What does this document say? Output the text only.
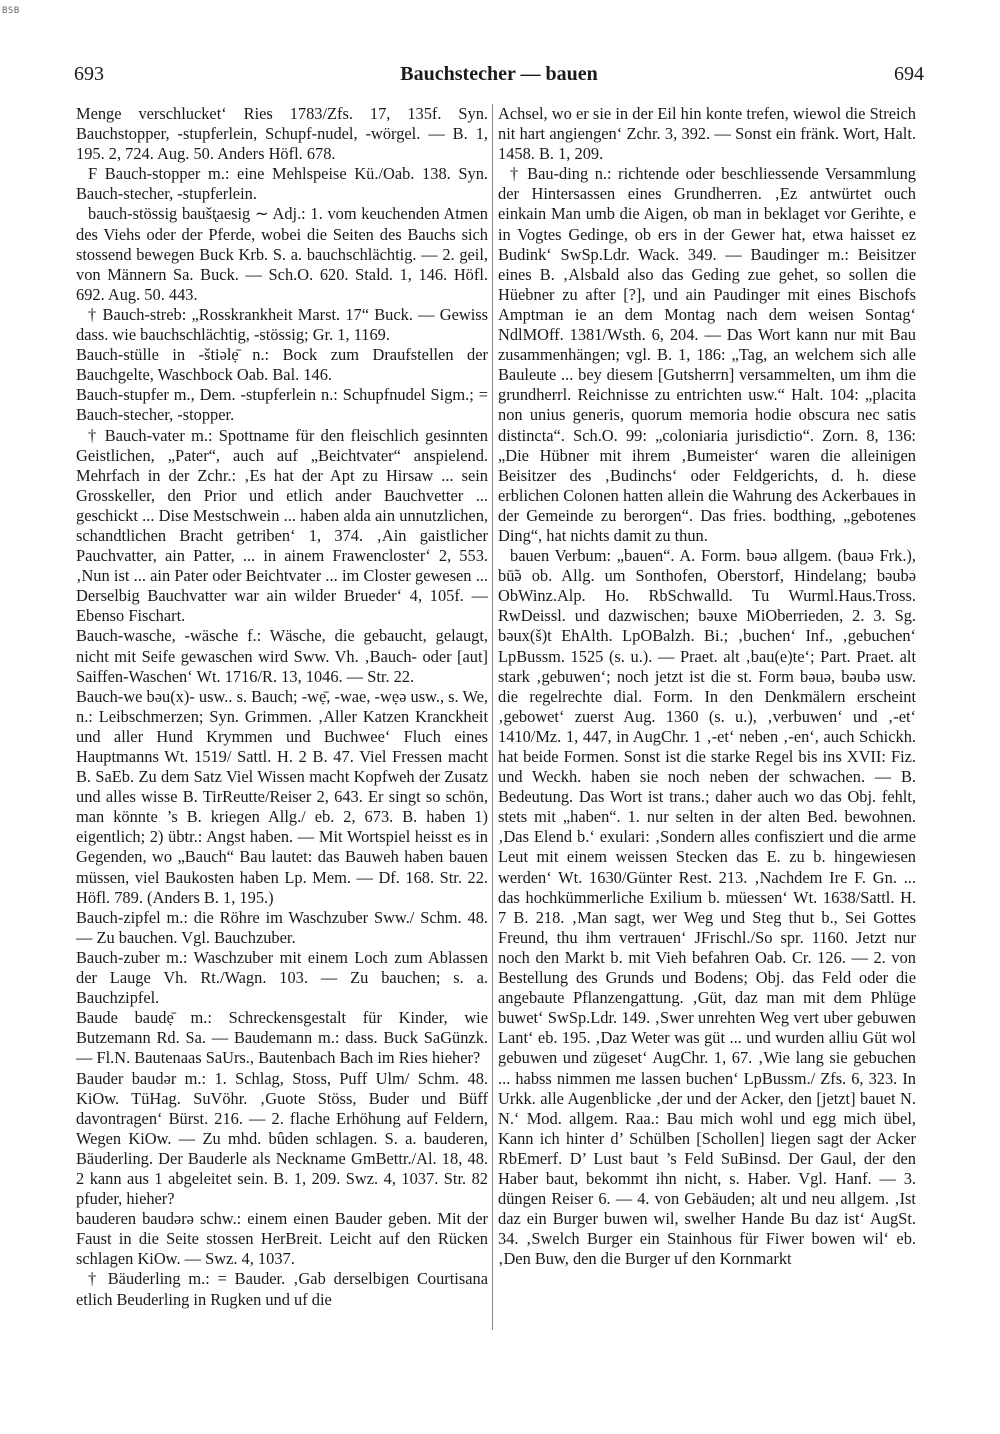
BSB
693	Bauchstecher — bauen	694

Menge verschlucket‘ Ries 1783/Zfs. 17, 135f. Syn. Bauchstopper, -stupferlein, Schupf-nudel, -wörgel. — B. 1, 195. 2, 724. Aug. 50. Anders Höfl. 678.

F Bauch-stopper m.: eine Mehlspeise Kü./Oab. 138. Syn. Bauch-stecher, -stupferlein.

bauch-stössig baušt̨aesig ∼ Adj.: 1. vom keuchenden Atmen des Viehs oder der Pferde, wobei die Seiten des Bauchs sich stossend bewegen Buck Krb. S. a. bauchschlächtig. — 2. geil, von Männern Sa. Buck. — Sch.O. 620. Stald. 1, 146. Höfl. 692. Aug. 50. 443.

† Bauch-streb: „Rosskrankheit Marst. 17“ Buck. — Gewiss dass. wie bauchschlächtig, -stössig; Gr. 1, 1169.

Bauch-stülle in -štiəlẹ̄ n.: Bock zum Draufstellen der Bauchgelte, Waschbock Oab. Bal. 146.

Bauch-stupfer m., Dem. -stupferlein n.: Schupfnudel Sigm.; = Bauch-stecher, -stopper.

† Bauch-vater m.: Spottname für den fleischlich gesinnten Geistlichen, „Pater“, auch auf „Beichtvater“ anspielend. Mehrfach in der Zchr.: ‚Es hat der Apt zu Hirsaw ... sein Grosskeller, den Prior und etlich ander Bauchvetter ... geschickt ... Dise Mestschwein ... haben alda ain unnutzlichen, schandtlichen Bracht getriben‘ 1, 374. ‚Ain gaistlicher Pauchvatter, ain Patter, ... in ainem Frawencloster‘ 2, 553. ‚Nun ist ... ain Pater oder Beichtvater ... im Closter gewesen ... Derselbig Bauchvatter war ain wilder Brueder‘ 4, 105f. — Ebenso Fischart.

Bauch-wasche, -wäsche f.: Wäsche, die gebaucht, gelaugt, nicht mit Seife gewaschen wird Sww. Vh. ‚Bauch- oder [aut] Saiffen-Waschen‘ Wt. 1716/R. 13, 1046. — Str. 22.

Bauch-we bəu(x)- usw.. s. Bauch; -wẹ̄, -wae, -wẹə usw., s. We, n.: Leibschmerzen; Syn. Grimmen. ‚Aller Katzen Kranckheit und aller Hund Krymmen und Buchwee‘ Fluch eines Hauptmanns Wt. 1519/ Sattl. H. 2 B. 47. Viel Fressen macht B. SaEb. Zu dem Satz Viel Wissen macht Kopfweh der Zusatz und alles wisse B. TirReutte/Reiser 2, 643. Er singt so schön, man könnte ’s B. kriegen Allg./ eb. 2, 673. B. haben 1) eigentlich; 2) übtr.: Angst haben. — Mit Wortspiel heisst es in Gegenden, wo „Bauch“ Bau lautet: das Bauweh haben bauen müssen, viel Baukosten haben Lp. Mem. — Df. 168. Str. 22. Höfl. 789. (Anders B. 1, 195.)

Bauch-zipfel m.: die Röhre im Waschzuber Sww./ Schm. 48. — Zu bauchen. Vgl. Bauchzuber.

Bauch-zuber m.: Waschzuber mit einem Loch zum Ablassen der Lauge Vh. Rt./Wagn. 103. — Zu bauchen; s. a. Bauchzipfel.

Baude baudẹ̄ m.: Schreckensgestalt für Kinder, wie Butzemann Rd. Sa. — Baudemann m.: dass. Buck SaGünzk. — Fl.N. Bautenaas SaUrs., Bautenbach Bach im Ries hieher?

Bauder baudər m.: 1. Schlag, Stoss, Puff Ulm/ Schm. 48. KiOw. TüHag. SuVöhr. ‚Guote Stöss, Buder und Büff davontragen‘ Bürst. 216. — 2. flache Erhöhung auf Feldern, Wegen KiOw. — Zu mhd. bûden schlagen. S. a. bauderen, Bäuderling. Der Bauderle als Neckname GmBettr./Al. 18, 48. 2 kann aus 1 abgeleitet sein. B. 1, 209. Swz. 4, 1037. Str. 82 pfuder, hieher?

bauderen baudərə schw.: einem einen Bauder geben. Mit der Faust in die Seite stossen HerBreit. Leicht auf den Rücken schlagen KiOw. — Swz. 4, 1037.

† Bäuderling m.: = Bauder. ‚Gab derselbigen Courtisana etlich Beuderling in Rugken und uf die

Achsel, wo er sie in der Eil hin konte trefen, wiewol die Streich nit hart angiengen‘ Zchr. 3, 392. — Sonst ein fränk. Wort, Halt. 1458. B. 1, 209.

† Bau-ding n.: richtende oder beschliessende Versammlung der Hintersassen eines Grundherren. ‚Ez antwürtet ouch einkain Man umb die Aigen, ob man in beklaget vor Gerihte, e in Vogtes Gedinge, ob ers in der Gewer hat, etwa haisset ez Budink‘ SwSp.Ldr. Wack. 349. — Baudinger m.: Beisitzer eines B. ‚Alsbald also das Geding zue gehet, so sollen die Hüebner zu after [?], und ain Paudinger mit eines Bischofs Amptman ie an dem Montag nach dem weisen Sontag‘ NdlMOff. 1381/Wsth. 6, 204. — Das Wort kann nur mit Bau zusammenhängen; vgl. B. 1, 186: „Tag, an welchem sich alle Bauleute ... bey diesem [Gutsherrn] versammelten, um ihm die grundherrl. Reichnisse zu entrichten usw.“ Halt. 104: „placita non unius generis, quorum memoria hodie obscura nec satis distincta“. Sch.O. 99: „coloniaria jurisdictio“. Zorn. 8, 136: „Die Hübner mit ihrem ‚Bumeister‘ waren die alleinigen Beisitzer des ‚Budinchs‘ oder Feldgerichts, d. h. diese erblichen Colonen hatten allein die Wahrung des Ackerbaues in der Gemeinde zu berorgen“. Das fries. bodthing, „gebotenes Ding“, hat nichts damit zu thun.

bauen Verbum: „bauen“. A. Form. bəuə allgem. (bauə Frk.), bū̃ə ob. Allg. um Sonthofen, Oberstorf, Hindelang; bəubə ObWinz.Alp. Ho. RbSchwalld. Tu Wurml.Haus.Tross. RwDeissl. und dazwischen; bəuxe MiOberrieden, 2. 3. Sg. bəux(š)t EhAlth. LpOBalzh. Bi.; ‚buchen‘ Inf., ‚gebuchen‘ LpBussm. 1525 (s. u.). — Praet. alt ‚bau(e)te‘; Part. Praet. alt stark ‚gebuwen‘; noch jetzt ist die st. Form bəuə, bəubə usw. die regelrechte dial. Form. In den Denkmälern erscheint ‚gebowet‘ zuerst Aug. 1360 (s. u.), ‚verbuwen‘ und ‚-et‘ 1410/Mz. 1, 447, in AugChr. 1 ‚-et‘ neben ‚-en‘, auch Schickh. hat beide Formen. Sonst ist die starke Regel bis ins XVII: Fiz. und Weckh. haben sie noch neben der schwachen. — B. Bedeutung. Das Wort ist trans.; daher auch wo das Obj. fehlt, stets mit „haben“. 1. nur selten in der alten Bed. bewohnen. ‚Das Elend b.‘ exulari: ‚Sondern alles confisziert und die arme Leut mit einem weissen Stecken das E. zu b. hingewiesen werden‘ Wt. 1630/Günter Rest. 213. ‚Nachdem Ire F. Gn. ... das hochkümmerliche Exilium b. müessen‘ Wt. 1638/Sattl. H. 7 B. 218. ‚Man sagt, wer Weg und Steg thut b., Sei Gottes Freund, thu ihm vertrauen‘ JFrischl./So spr. 1160. Jetzt nur noch den Markt b. mit Vieh befahren Oab. Cr. 126. — 2. von Bestellung des Grunds und Bodens; Obj. das Feld oder die angebaute Pflanzengattung. ‚Güt, daz man mit dem Phlüge buwet‘ SwSp.Ldr. 149. ‚Swer unrehten Weg vert uber gebuwen Lant‘ eb. 195. ‚Daz Weter was güt ... und wurden alliu Güt wol gebuwen und zügeset‘ AugChr. 1, 67. ‚Wie lang sie gebuchen ... habss nimmen me lassen buchen‘ LpBussm./ Zfs. 6, 323. In Urkk. alle Augenblicke ‚der und der Acker, den [jetzt] bauet N. N.‘ Mod. allgem. Raa.: Bau mich wohl und egg mich übel, Kann ich hinter d’ Schülben [Schollen] liegen sagt der Acker RbEmerf. D’ Lust baut ’s Feld SuBinsd. Der Gaul, der den Haber baut, bekommt ihn nicht, s. Haber. Vgl. Hanf. — 3. düngen Reiser 6. — 4. von Gebäuden; alt und neu allgem. ‚Ist daz ein Burger buwen wil, swelher Hande Bu daz ist‘ AugSt. 34. ‚Swelch Burger ein Stainhous für Fiwer bowen wil‘ eb. ‚Den Buw, den die Burger uf den Kornmarkt
